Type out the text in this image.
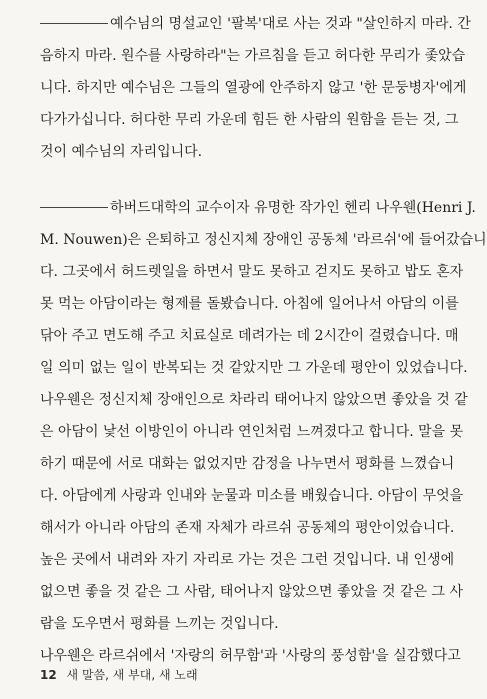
예수님의 명설교인 '팔복'대로 사는 것과 "살인하지 마라. 간
음하지 마라. 원수를 사랑하라"는 가르침을 듣고 허다한 무리가 좇았습
니다. 하지만 예수님은 그들의 열광에 안주하지 않고 '한 문둥병자'에게
다가가십니다. 허다한 무리 가운데 힘든 한 사람의 원함을 듣는 것, 그
것이 예수님의 자리입니다.
하버드대학의 교수이자 유명한 작가인 헨리 나우웬(Henri J.
M. Nouwen)은 은퇴하고 정신지체 장애인 공동체 '라르쉬'에 들어갔습니
다. 그곳에서 허드렛일을 하면서 말도 못하고 걷지도 못하고 밥도 혼자
못 먹는 아담이라는 형제를 돌봤습니다. 아침에 일어나서 아담의 이를
닦아 주고 면도해 주고 치료실로 데려가는 데 2시간이 걸렸습니다. 매
일 의미 없는 일이 반복되는 것 같았지만 그 가운데 평안이 있었습니다.
나우웬은 정신지체 장애인으로 차라리 태어나지 않았으면 좋았을 것 같
은 아담이 낯선 이방인이 아니라 연인처럼 느껴졌다고 합니다. 말을 못
하기 때문에 서로 대화는 없었지만 감정을 나누면서 평화를 느꼈습니
다. 아담에게 사랑과 인내와 눈물과 미소를 배웠습니다. 아담이 무엇을
해서가 아니라 아담의 존재 자체가 라르쉬 공동체의 평안이었습니다.
높은 곳에서 내려와 자기 자리로 가는 것은 그런 것입니다. 내 인생에
없으면 좋을 것 같은 그 사람, 태어나지 않았으면 좋았을 것 같은 그 사
람을 도우면서 평화를 느끼는 것입니다.
나우웬은 라르쉬에서 '자랑의 허무함'과 '사랑의 풍성함'을 실감했다고
12 새 말씀, 새 부대, 새 노래
